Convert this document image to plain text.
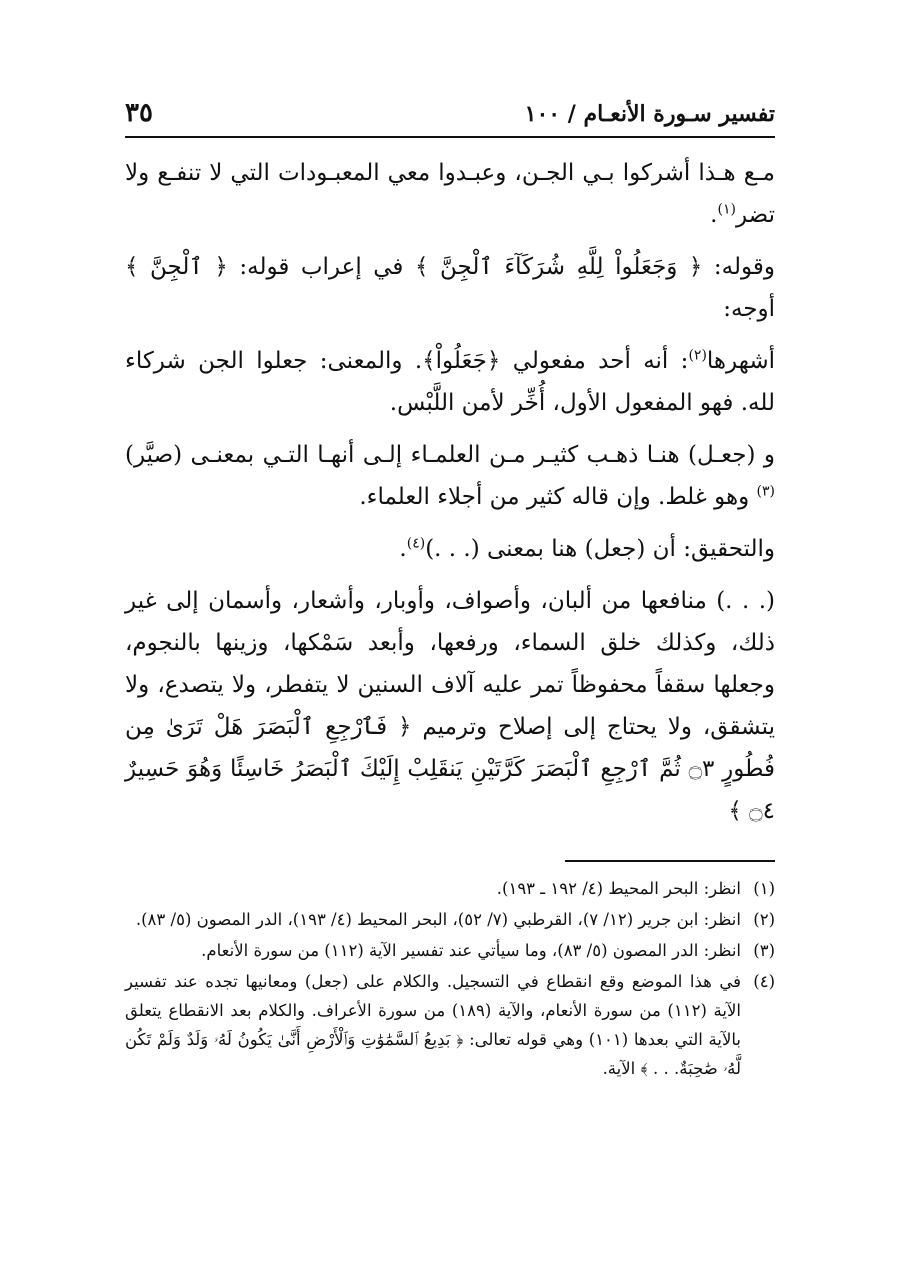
تفسير سـورة الأنعـام / ١٠٠
٣٥

مـع هـذا أشركوا بـي الجـن، وعبـدوا معي المعبـودات التي لا تنفـع ولا تضر$^{(١)}$.

وقوله: ﴿ وَجَعَلُواْ لِلَّهِ شُرَكَآءَ ٱلْجِنَّ ﴾ في إعراب قوله: ﴿ ٱلْجِنَّ ﴾ أوجه:

أشهرها$^{(٢)}$: أنه أحد مفعولي ﴿جَعَلُواْ﴾. والمعنى: جعلوا الجن شركاء لله. فهو المفعول الأول، أُخِّر لأمن اللَّبْس.

و (جعـل) هنـا ذهـب كثيـر مـن العلمـاء إلـى أنهـا التـي بمعنـى (صيَّر)$^{(٣)}$ وهو غلط. وإن قاله كثير من أجلاء العلماء.

والتحقيق: أن (جعل) هنا بمعنى (. . .)$^{(٤)}$.

(. . .) منافعها من ألبان، وأصواف، وأوبار، وأشعار، وأسمان إلى غير ذلك، وكذلك خلق السماء، ورفعها، وأبعد سَمْكها، وزينها بالنجوم، وجعلها سقفاً محفوظاً تمر عليه آلاف السنين لا يتفطر، ولا يتصدع، ولا يتشقق، ولا يحتاج إلى إصلاح وترميم ﴿ فَٱرْجِعِ ٱلْبَصَرَ هَلْ تَرَىٰ مِن فُطُورٍ ۝٣ ثُمَّ ٱرْجِعِ ٱلْبَصَرَ كَرَّتَيْنِ يَنقَلِبْ إِلَيْكَ ٱلْبَصَرُ خَاسِئًا وَهُوَ حَسِيرٌ ۝٤ ﴾

(١)
انظر: البحر المحيط (٤/ ١٩٢ ـ ١٩٣).
(٢)
انظر: ابن جرير (١٢/ ٧)، القرطبي (٧/ ٥٢)، البحر المحيط (٤/ ١٩٣)، الدر المصون (٥/ ٨٣).
(٣)
انظر: الدر المصون (٥/ ٨٣)، وما سيأتي عند تفسير الآية (١١٢) من سورة الأنعام.
(٤)
في هذا الموضع وقع انقطاع في التسجيل. والكلام على (جعل) ومعانيها تجده عند تفسير الآية (١١٢) من سورة الأنعام، والآية (١٨٩) من سورة الأعراف. والكلام بعد الانقطاع يتعلق بالآية التي بعدها (١٠١) وهي قوله تعالى: ﴿ بَدِيعُ ٱلسَّمَٰوَٰتِ وَٱلْأَرْضِ أَنَّىٰ يَكُونُ لَهُۥ وَلَدٌ وَلَمْ تَكُن لَّهُۥ صَٰحِبَةٌ. . . ﴾ الآية.
